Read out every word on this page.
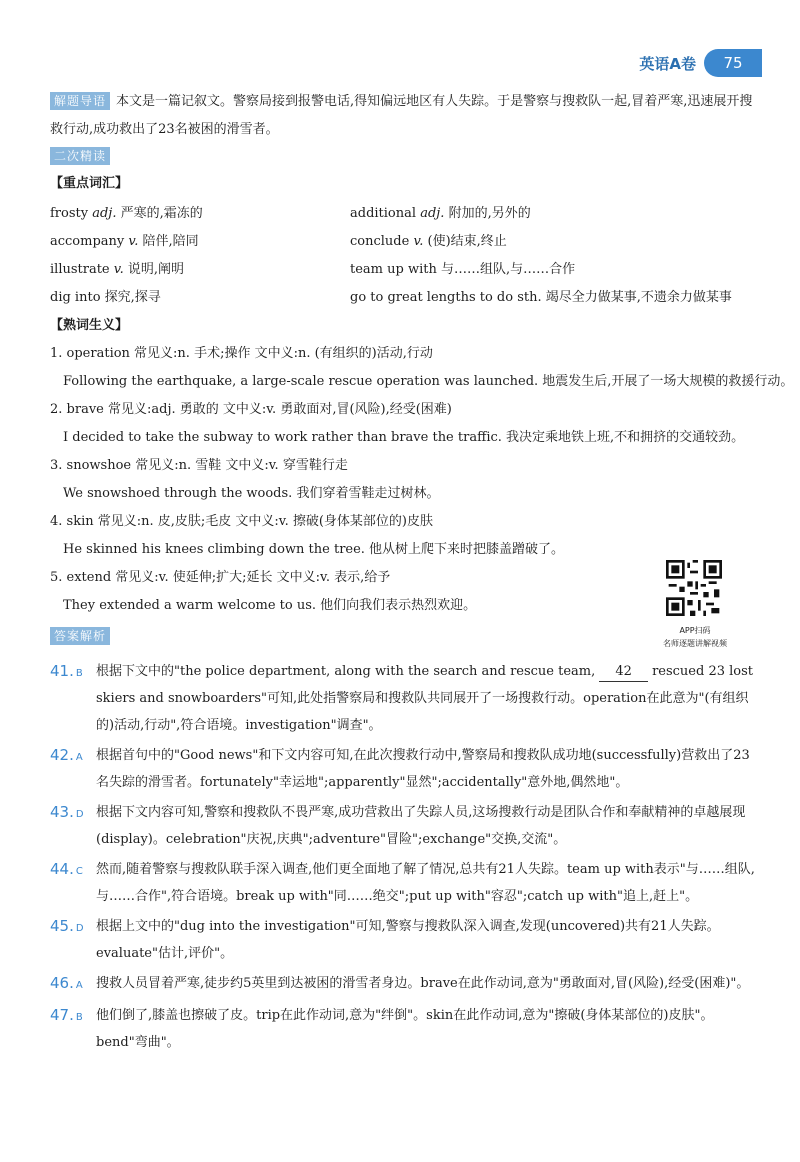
英语A卷	75
解题导语 本文是一篇记叙文。警察局接到报警电话,得知偏远地区有人失踪。于是警察与搜救队一起,冒着严寒,迅速展开搜救行动,成功救出了23名被困的滑雪者。
二次精读
【重点词汇】
frosty adj. 严寒的,霜冻的	additional adj. 附加的,另外的
accompany v. 陪伴,陪同	conclude v. (使)结束,终止
illustrate v. 说明,阐明	team up with 与……组队,与……合作
dig into 探究,探寻	go to great lengths to do sth. 竭尽全力做某事,不遗余力做某事
【熟词生义】
1. operation 常见义:n. 手术;操作 文中义:n. (有组织的)活动,行动
Following the earthquake, a large-scale rescue operation was launched. 地震发生后,开展了一场大规模的救援行动。
2. brave 常见义:adj. 勇敢的 文中义:v. 勇敢面对,冒(风险),经受(困难)
I decided to take the subway to work rather than brave the traffic. 我决定乘地铁上班,不和拥挤的交通较劲。
3. snowshoe 常见义:n. 雪鞋 文中义:v. 穿雪鞋行走
We snowshoed through the woods. 我们穿着雪鞋走过树林。
4. skin 常见义:n. 皮,皮肤;毛皮 文中义:v. 擦破(身体某部位的)皮肤
He skinned his knees climbing down the tree. 他从树上爬下来时把膝盖蹭破了。
5. extend 常见义:v. 使延伸;扩大;延长 文中义:v. 表示,给予
They extended a warm welcome to us. 他们向我们表示热烈欢迎。
APP扫码
名师逐题讲解视频
答案解析
41. B	根据下文中的"the police department, along with the search and rescue team, 42 rescued 23 lost skiers and snowboarders"可知,此处指警察局和搜救队共同展开了一场搜救行动。operation在此意为"(有组织的)活动,行动",符合语境。investigation"调查"。
42. A	根据首句中的"Good news"和下文内容可知,在此次搜救行动中,警察局和搜救队成功地(successfully)营救出了23名失踪的滑雪者。fortunately"幸运地";apparently"显然";accidentally"意外地,偶然地"。
43. D 根据下文内容可知,警察和搜救队不畏严寒,成功营救出了失踪人员,这场搜救行动是团队合作和奉献精神的卓越展现(display)。celebration"庆祝,庆典";adventure"冒险";exchange"交换,交流"。
44. C	然而,随着警察与搜救队联手深入调查,他们更全面地了解了情况,总共有21人失踪。team up with表示"与……组队,与……合作",符合语境。break up with"同……绝交";put up with"容忍";catch up with"追上,赶上"。
45. D 根据上文中的"dug into the investigation"可知,警察与搜救队深入调查,发现(uncovered)共有21人失踪。evaluate"估计,评价"。
46. A	搜救人员冒着严寒,徒步约5英里到达被困的滑雪者身边。brave在此作动词,意为"勇敢面对,冒(风险),经受(困难)"。
47. B	他们倒了,膝盖也擦破了皮。trip在此作动词,意为"绊倒"。skin在此作动词,意为"擦破(身体某部位的)皮肤"。bend"弯曲"。
